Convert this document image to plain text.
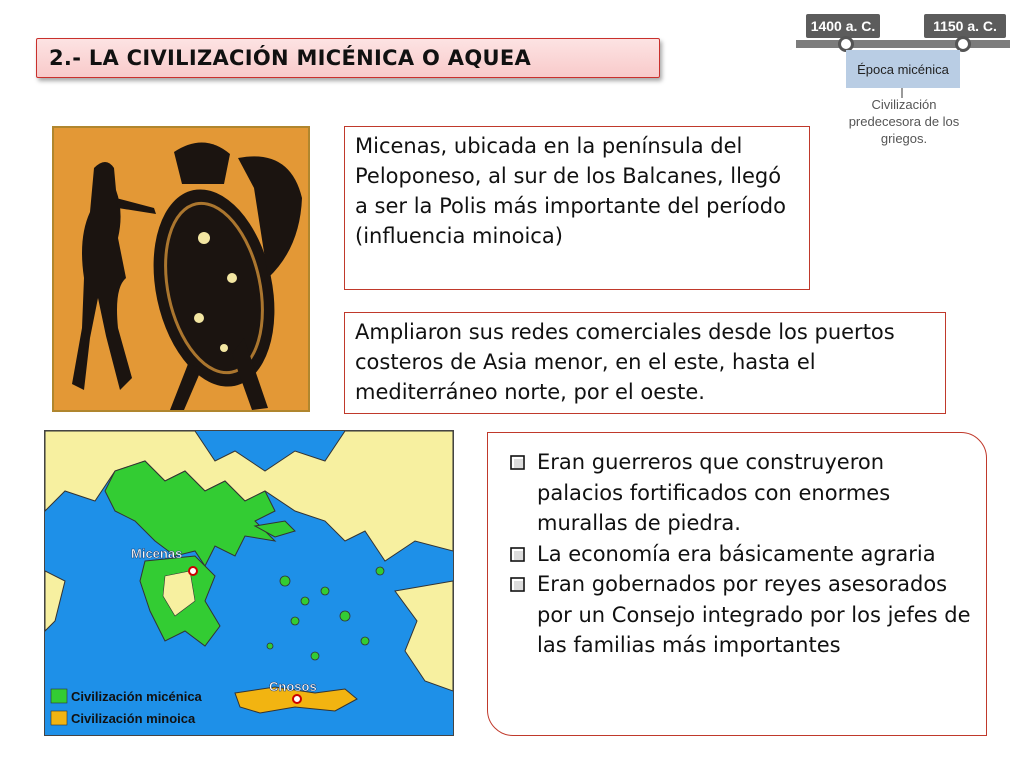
2.- LA CIVILIZACIÓN MICÉNICA O AQUEA
1400 a. C.	1150 a. C.
Época micénica
Civilización predecesora de los griegos.
Micenas, ubicada en la península del Peloponeso, al sur de los Balcanes, llegó a ser la Polis más importante del período (influencia minoica)
Ampliaron sus redes comerciales desde los puertos costeros de Asia menor, en el este, hasta el mediterráneo norte, por el oeste.
Micenas
Cnosos
Civilización micénica
Civilización minoica
Eran guerreros que construyeron palacios fortificados con enormes murallas de piedra.
La economía era básicamente agraria
Eran gobernados por reyes asesorados por un Consejo integrado por los jefes de las familias más importantes
